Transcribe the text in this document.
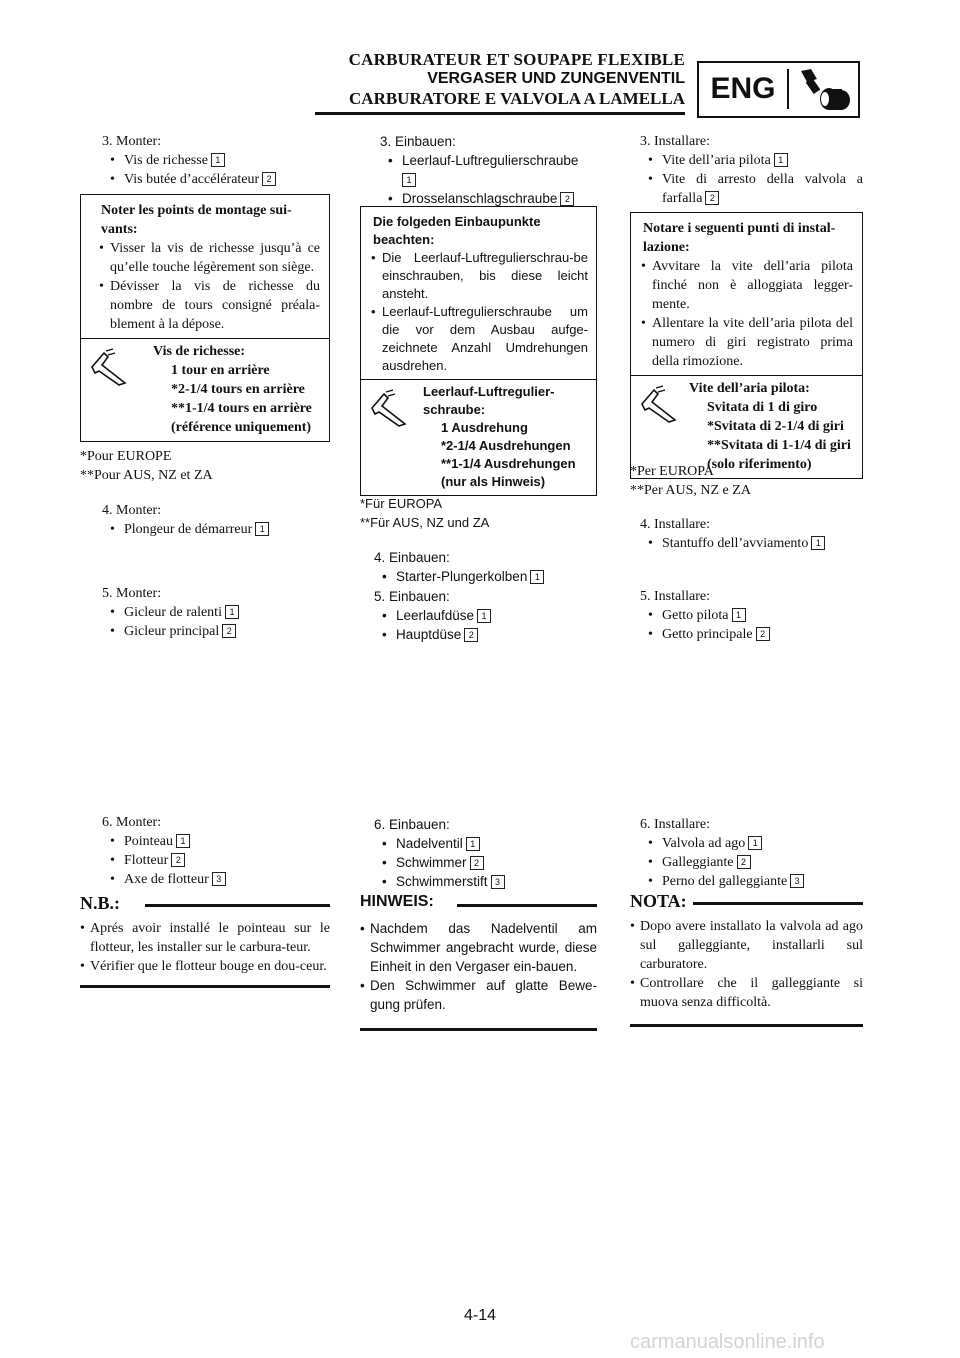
CARBURATEUR ET SOUPAPE FLEXIBLE
VERGASER UND ZUNGENVENTIL
CARBURATORE E VALVOLA A LAMELLA ENG
3. Monter:
• Vis de richesse 1
• Vis butée d’accélérateur 2
Noter les points de montage sui-vants:
• Visser la vis de richesse jusqu’à ce qu’elle touche légèrement son siège.
• Dévisser la vis de richesse du nombre de tours consigné préala-blement à la dépose.
Vis de richesse:
1 tour en arrière
*2-1/4 tours en arrière
**1-1/4 tours en arrière
(référence uniquement)
*Pour EUROPE
**Pour AUS, NZ et ZA
4. Monter:
• Plongeur de démarreur 1
5. Monter:
• Gicleur de ralenti 1
• Gicleur principal 2
6. Monter:
• Pointeau 1
• Flotteur 2
• Axe de flotteur 3
N.B.:
• Aprés avoir installé le pointeau sur le flotteur, les installer sur le carbura-teur.
• Vérifier que le flotteur bouge en dou-ceur.
3. Einbauen:
• Leerlauf-Luftregulierschraube
1
• Drosselanschlagschraube 2
Die folgeden Einbaupunkte beachten:
• Die Leerlauf-Luftregulierschrau-be einschrauben, bis diese leicht ansteht.
• Leerlauf-Luftregulierschraube um die vor dem Ausbau aufge-zeichnete Anzahl Umdrehungen ausdrehen.
Leerlauf-Luftregulier-schraube:
1 Ausdrehung
*2-1/4 Ausdrehungen
**1-1/4 Ausdrehungen
(nur als Hinweis)
*Für EUROPA
**Für AUS, NZ und ZA
4. Einbauen:
• Starter-Plungerkolben 1
5. Einbauen:
• Leerlaufdüse 1
• Hauptdüse 2
6. Einbauen:
• Nadelventil 1
• Schwimmer 2
• Schwimmerstift 3
HINWEIS:
• Nachdem das Nadelventil am Schwimmer angebracht wurde, diese Einheit in den Vergaser ein-bauen.
• Den Schwimmer auf glatte Bewe-gung prüfen.
3. Installare:
• Vite dell’aria pilota 1
• Vite di arresto della valvola a farfalla 2
Notare i seguenti punti di instal-lazione:
• Avvitare la vite dell’aria pilota finché non è alloggiata legger-mente.
• Allentare la vite dell’aria pilota del numero di giri registrato prima della rimozione.
Vite dell’aria pilota:
Svitata di 1 di giro
*Svitata di 2-1/4 di giri
**Svitata di 1-1/4 di giri
(solo riferimento)
*Per EUROPA
**Per AUS, NZ e ZA
4. Installare:
• Stantuffo dell’avviamento 1
5. Installare:
• Getto pilota 1
• Getto principale 2
6. Installare:
• Valvola ad ago 1
• Galleggiante 2
• Perno del galleggiante 3
NOTA:
• Dopo avere installato la valvola ad ago sul galleggiante, installarli sul carburatore.
• Controllare che il galleggiante si muova senza difficoltà.
4-14
carmanualsonline.info
